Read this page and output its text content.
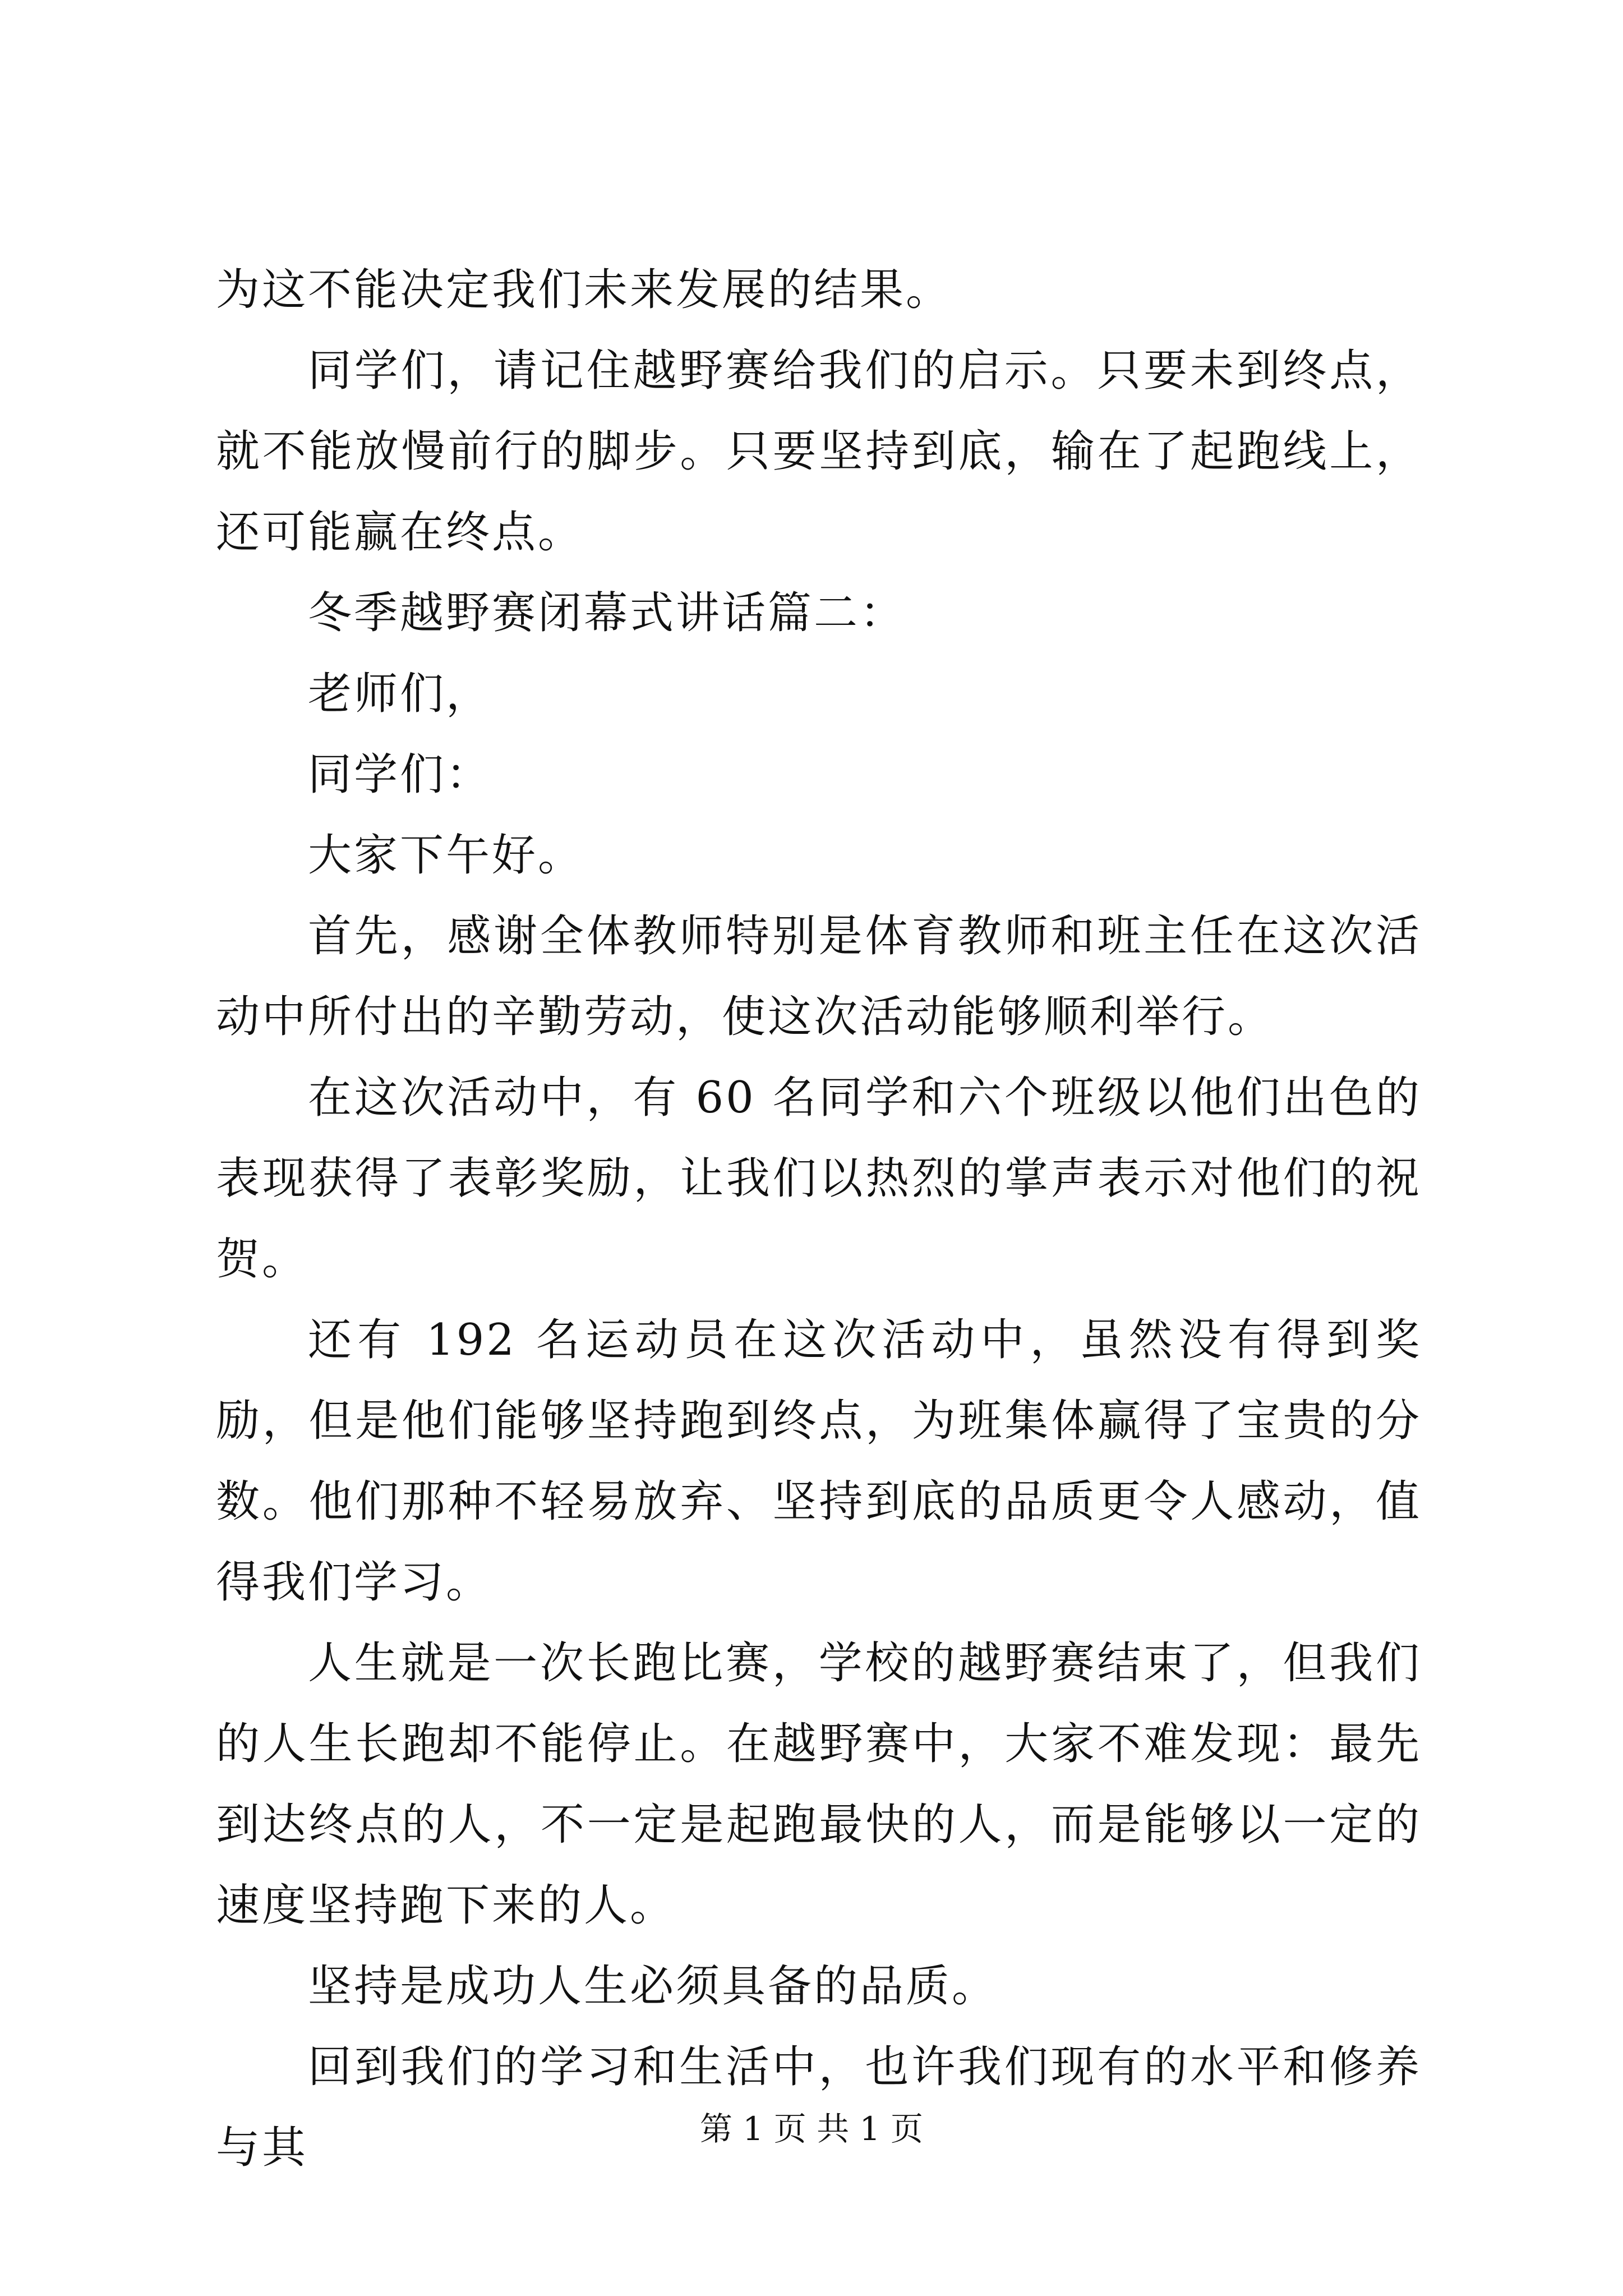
为这不能决定我们未来发展的结果。

同学们，请记住越野赛给我们的启示。只要未到终点，就不能放慢前行的脚步。只要坚持到底，输在了起跑线上，还可能赢在终点。

冬季越野赛闭幕式讲话篇二：

老师们，

同学们：

大家下午好。

首先，感谢全体教师特别是体育教师和班主任在这次活动中所付出的辛勤劳动，使这次活动能够顺利举行。

在这次活动中，有 60 名同学和六个班级以他们出色的表现获得了表彰奖励，让我们以热烈的掌声表示对他们的祝贺。

还有 192 名运动员在这次活动中，虽然没有得到奖励，但是他们能够坚持跑到终点，为班集体赢得了宝贵的分数。他们那种不轻易放弃、坚持到底的品质更令人感动，值得我们学习。

人生就是一次长跑比赛，学校的越野赛结束了，但我们的人生长跑却不能停止。在越野赛中，大家不难发现：最先到达终点的人，不一定是起跑最快的人，而是能够以一定的速度坚持跑下来的人。

坚持是成功人生必须具备的品质。

回到我们的学习和生活中，也许我们现有的水平和修养与其	第 1 页 共 1 页
